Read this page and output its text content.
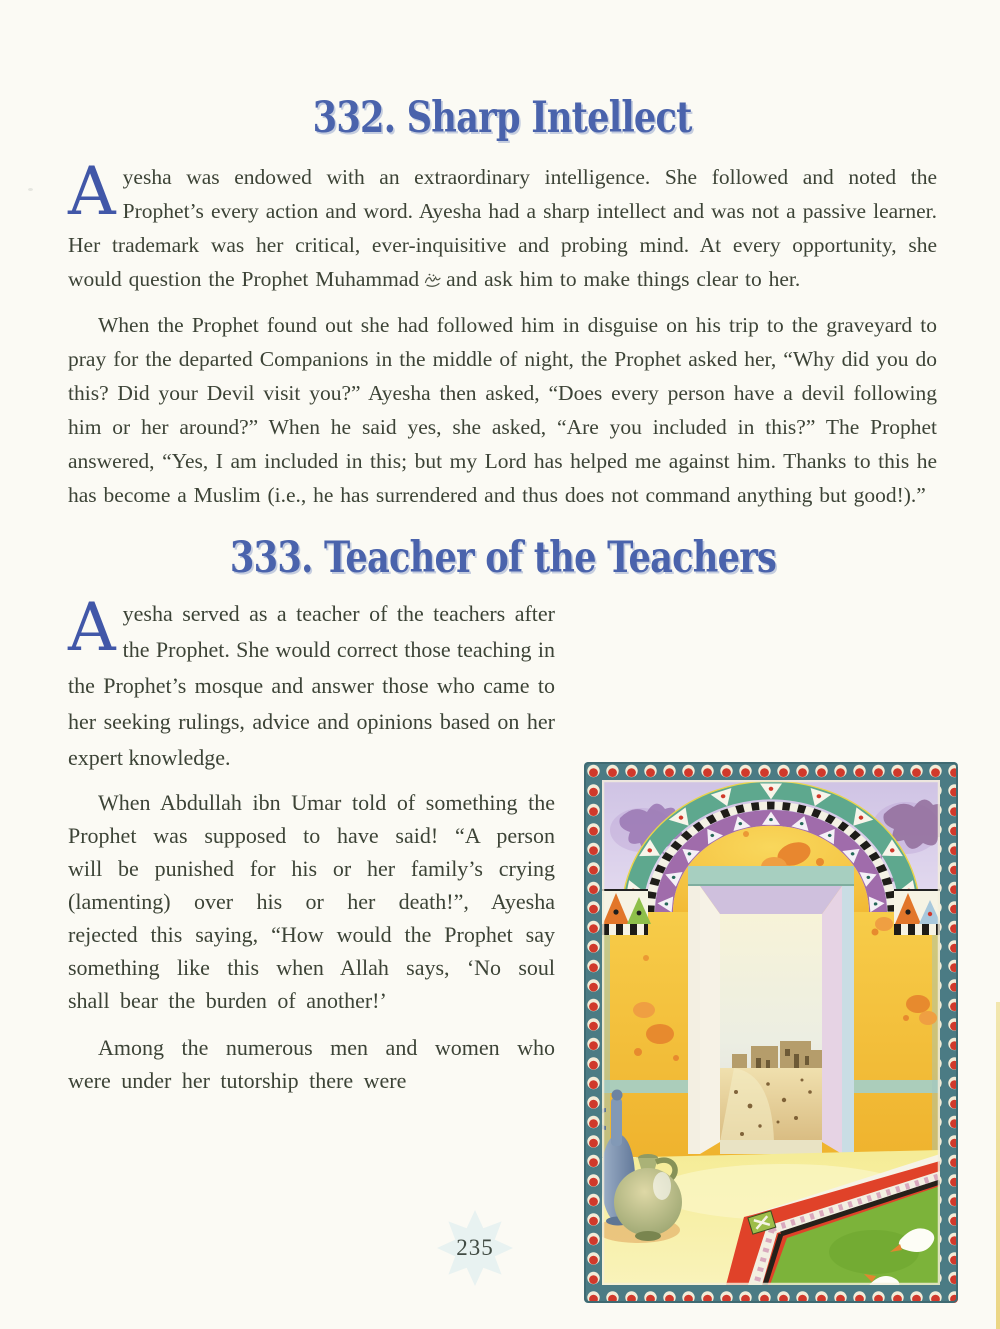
332. Sharp Intellect

Ayesha was endowed with an extraordinary intelligence. She followed and noted the Prophet’s every action and word. Ayesha had a sharp intellect and was not a passive learner. Her trademark was her critical, ever-inquisitive and probing mind. At every opportunity, she would question the Prophet Muhammad and ask him to make things clear to her.

When the Prophet found out she had followed him in disguise on his trip to the graveyard to pray for the departed Companions in the middle of night, the Prophet asked her, “Why did you do this? Did your Devil visit you?” Ayesha then asked, “Does every person have a devil following him or her around?” When he said yes, she asked, “Are you included in this?” The Prophet answered, “Yes, I am included in this; but my Lord has helped me against him. Thanks to this he has become a Muslim (i.e., he has surrendered and thus does not command anything but good!).”

333. Teacher of the Teachers

Ayesha served as a teacher of the teachers after the Prophet. She would correct those teaching in the Prophet’s mosque and answer those who came to her seeking rulings, advice and opinions based on her expert knowledge.

When Abdullah ibn Umar told of something the Prophet was supposed to have said! “A person will be punished for his or her family’s crying (lamenting) over his or her death!”, Ayesha rejected this saying, “How would the Prophet say something like this when Allah says, ‘No soul shall bear the burden of another!’

Among the numerous men and women who were under her tutorship there were

235
